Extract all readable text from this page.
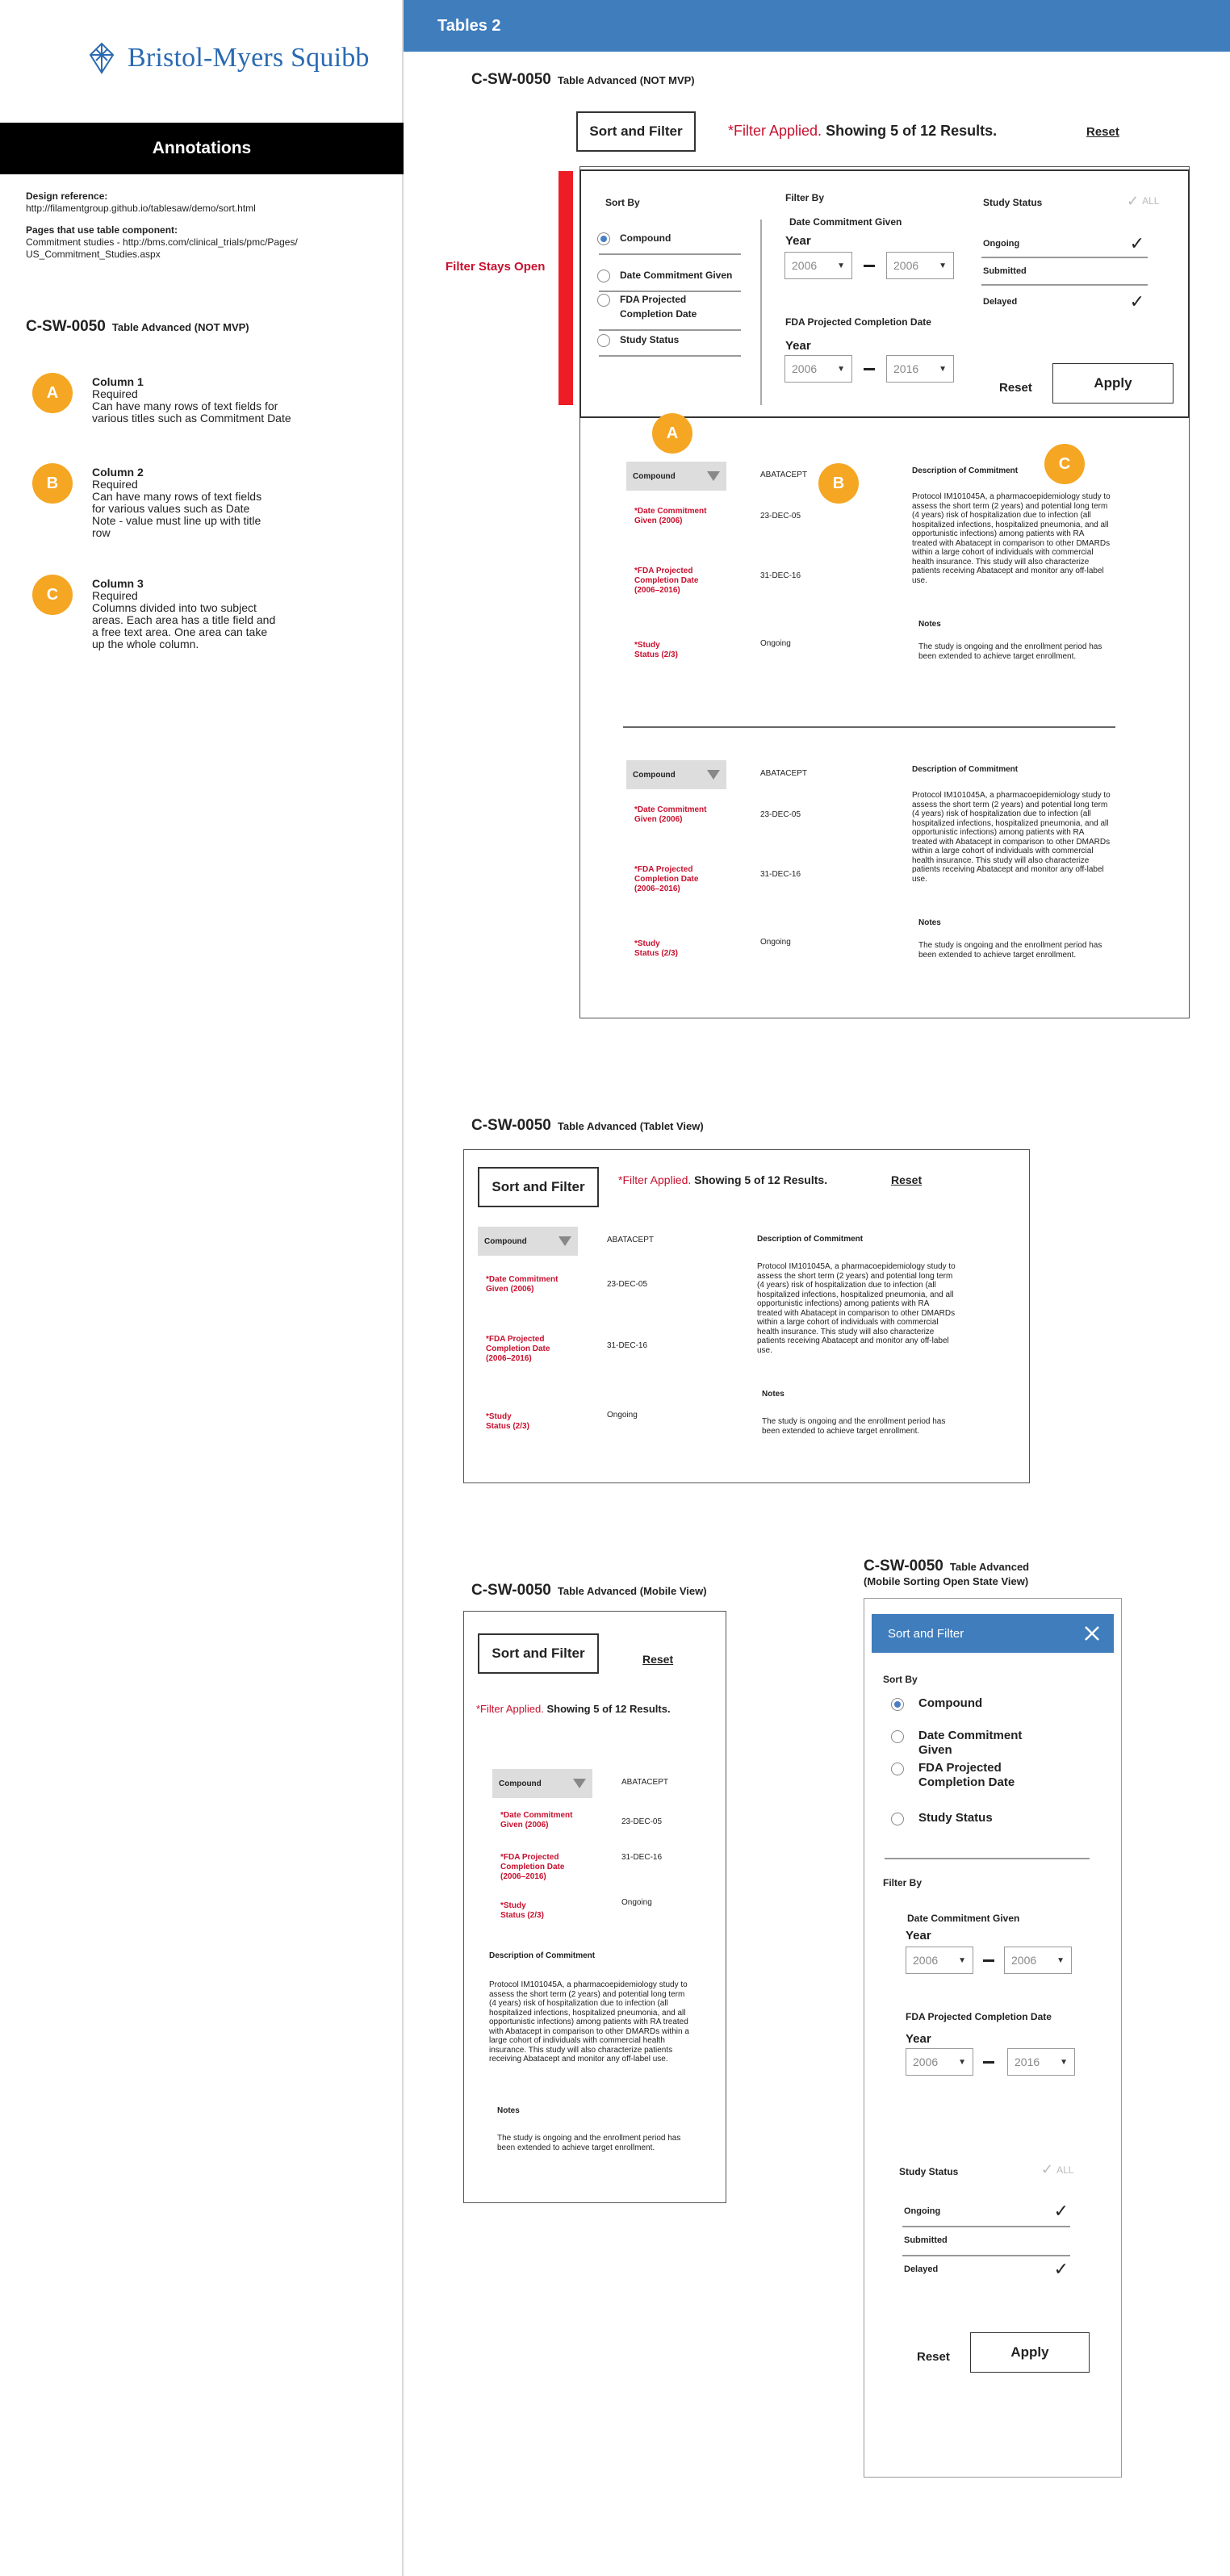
Bristol-Myers Squibb
Annotations
Design reference:
http://filamentgroup.github.io/tablesaw/demo/sort.html
Pages that use table component:
Commitment studies - http://bms.com/clinical_trials/pmc/Pages/
US_Commitment_Studies.aspx
C-SW-0050 Table Advanced (NOT MVP)
A
Column 1
Required
Can have many rows of text fields for
various titles such as Commitment Date
B
Column 2
Required
Can have many rows of text fields
for various values such as Date
Note - value must line up with title
row
C
Column 3
Required
Columns divided into two subject
areas. Each area has a title field and
a free text area. One area can take
up the whole column.
Tables 2
C-SW-0050 Table Advanced (NOT MVP)
Sort and Filter	*Filter Applied. Showing 5 of 12 Results.	Reset
Filter Stays Open
Sort By
Compound
Date Commitment Given
FDA Projected Completion Date
Study Status
Filter By
Date Commitment Given
Year
2006 ▼	2006 ▼
FDA Projected Completion Date
Year
2006 ▼	2016 ▼
Study Status	✓ ALL
Ongoing	✓
Submitted
Delayed	✓
Reset	Apply
A
B
C
Compound	ABATACEPT
*Date Commitment Given (2006)
23-DEC-05
*FDA Projected Completion Date (2006–2016)
31-DEC-16
*Study Status (2/3)
Ongoing
Description of Commitment
Protocol IM101045A, a pharmacoepidemiology study to assess the short term (2 years) and potential long term (4 years) risk of hospitalization due to infection (all hospitalized infections, hospitalized pneumonia, and all opportunistic infections) among patients with RA treated with Abatacept in comparison to other DMARDs within a large cohort of individuals with commercial health insurance. This study will also characterize patients receiving Abatacept and monitor any off-label use.
Notes
The study is ongoing and the enrollment period has been extended to achieve target enrollment.
Compound	ABATACEPT
*Date Commitment Given (2006)
23-DEC-05
*FDA Projected Completion Date (2006–2016)
31-DEC-16
*Study Status (2/3)
Ongoing
Description of Commitment
Protocol IM101045A, a pharmacoepidemiology study to assess the short term (2 years) and potential long term (4 years) risk of hospitalization due to infection (all hospitalized infections, hospitalized pneumonia, and all opportunistic infections) among patients with RA treated with Abatacept in comparison to other DMARDs within a large cohort of individuals with commercial health insurance. This study will also characterize patients receiving Abatacept and monitor any off-label use.
Notes
The study is ongoing and the enrollment period has been extended to achieve target enrollment.
C-SW-0050 Table Advanced (Tablet View)
Sort and Filter	*Filter Applied. Showing 5 of 12 Results.	Reset
Compound	ABATACEPT
*Date Commitment Given (2006)
23-DEC-05
*FDA Projected Completion Date (2006–2016)
31-DEC-16
*Study Status (2/3)
Ongoing
Description of Commitment
Protocol IM101045A, a pharmacoepidemiology study to assess the short term (2 years) and potential long term (4 years) risk of hospitalization due to infection (all hospitalized infections, hospitalized pneumonia, and all opportunistic infections) among patients with RA treated with Abatacept in comparison to other DMARDs within a large cohort of individuals with commercial health insurance. This study will also characterize patients receiving Abatacept and monitor any off-label use.
Notes
The study is ongoing and the enrollment period has been extended to achieve target enrollment.
C-SW-0050 Table Advanced (Mobile View)
Sort and Filter	Reset
*Filter Applied. Showing 5 of 12 Results.
Compound	ABATACEPT
*Date Commitment Given (2006)	23-DEC-05
*FDA Projected Completion Date (2006–2016)
31-DEC-16
*Study Status (2/3)
Ongoing
Description of Commitment
Protocol IM101045A, a pharmacoepidemiology study to assess the short term (2 years) and potential long term (4 years) risk of hospitalization due to infection (all hospitalized infections, hospitalized pneumonia, and all opportunistic infections) among patients with RA treated with Abatacept in comparison to other DMARDs within a large cohort of individuals with commercial health insurance. This study will also characterize patients receiving Abatacept and monitor any off-label use.
Notes
The study is ongoing and the enrollment period has been extended to achieve target enrollment.
C-SW-0050 Table Advanced
(Mobile Sorting Open State View)
Sort and Filter
Sort By
Compound
Date Commitment Given
FDA Projected Completion Date
Study Status
Filter By
Date Commitment Given
Year
2006 ▼	2006 ▼
FDA Projected Completion Date
Year
2006 ▼	2016 ▼
Study Status	✓ ALL
Ongoing	✓
Submitted
Delayed	✓
Reset	Apply
